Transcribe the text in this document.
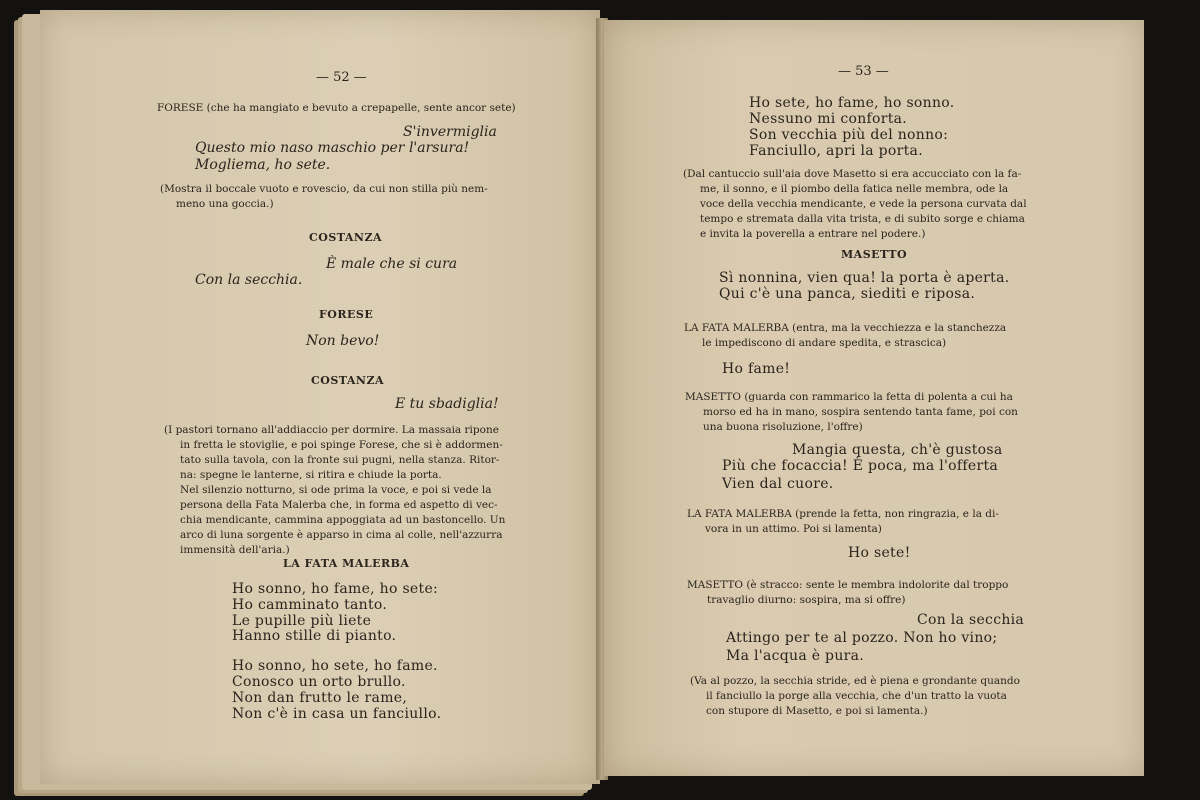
— 52 —
FORESE (che ha mangiato e bevuto a crepapelle, sente ancor sete)
S'invermiglia
Questo mio naso maschio per l'arsura!
Mogliema, ho sete.
(Mostra il boccale vuoto e rovescio, da cui non stilla più nem-
meno una goccia.)
COSTANZA
È male che si cura
Con la secchia.
FORESE
Non bevo!
COSTANZA
E tu sbadiglia!
(I pastori tornano all'addiaccio per dormire. La massaia ripone
in fretta le stoviglie, e poi spinge Forese, che si è addormen-
tato sulla tavola, con la fronte sui pugni, nella stanza. Ritor-
na: spegne le lanterne, si ritira e chiude la porta.
Nel silenzio notturno, si ode prima la voce, e poi si vede la
persona della Fata Malerba che, in forma ed aspetto di vec-
chia mendicante, cammina appoggiata ad un bastoncello. Un
arco di luna sorgente è apparso in cima al colle, nell'azzurra
immensità dell'aria.)
LA FATA MALERBA
Ho sonno, ho fame, ho sete:
Ho camminato tanto.
Le pupille più liete
Hanno stille di pianto.
Ho sonno, ho sete, ho fame.
Conosco un orto brullo.
Non dan frutto le rame,
Non c'è in casa un fanciullo.
— 53 —
Ho sete, ho fame, ho sonno.
Nessuno mi conforta.
Son vecchia più del nonno:
Fanciullo, apri la porta.
(Dal cantuccio sull'aia dove Masetto si era accucciato con la fa-
me, il sonno, e il piombo della fatica nelle membra, ode la
voce della vecchia mendicante, e vede la persona curvata dal
tempo e stremata dalla vita trista, e di subito sorge e chiama
e invita la poverella a entrare nel podere.)
MASETTO
Sì nonnina, vien qua! la porta è aperta.
Qui c'è una panca, siediti e riposa.
LA FATA MALERBA (entra, ma la vecchiezza e la stanchezza
le impediscono di andare spedita, e strascica)
Ho fame!
MASETTO (guarda con rammarico la fetta di polenta a cui ha
morso ed ha in mano, sospira sentendo tanta fame, poi con
una buona risoluzione, l'offre)
Mangia questa, ch'è gustosa
Più che focaccia! È poca, ma l'offerta
Vien dal cuore.
LA FATA MALERBA (prende la fetta, non ringrazia, e la di-
vora in un attimo. Poi si lamenta)
Ho sete!
MASETTO (è stracco: sente le membra indolorite dal troppo
travaglio diurno: sospira, ma si offre)
Con la secchia
Attingo per te al pozzo. Non ho vino;
Ma l'acqua è pura.
(Va al pozzo, la secchia stride, ed è piena e grondante quando
il fanciullo la porge alla vecchia, che d'un tratto la vuota
con stupore di Masetto, e poi si lamenta.)
